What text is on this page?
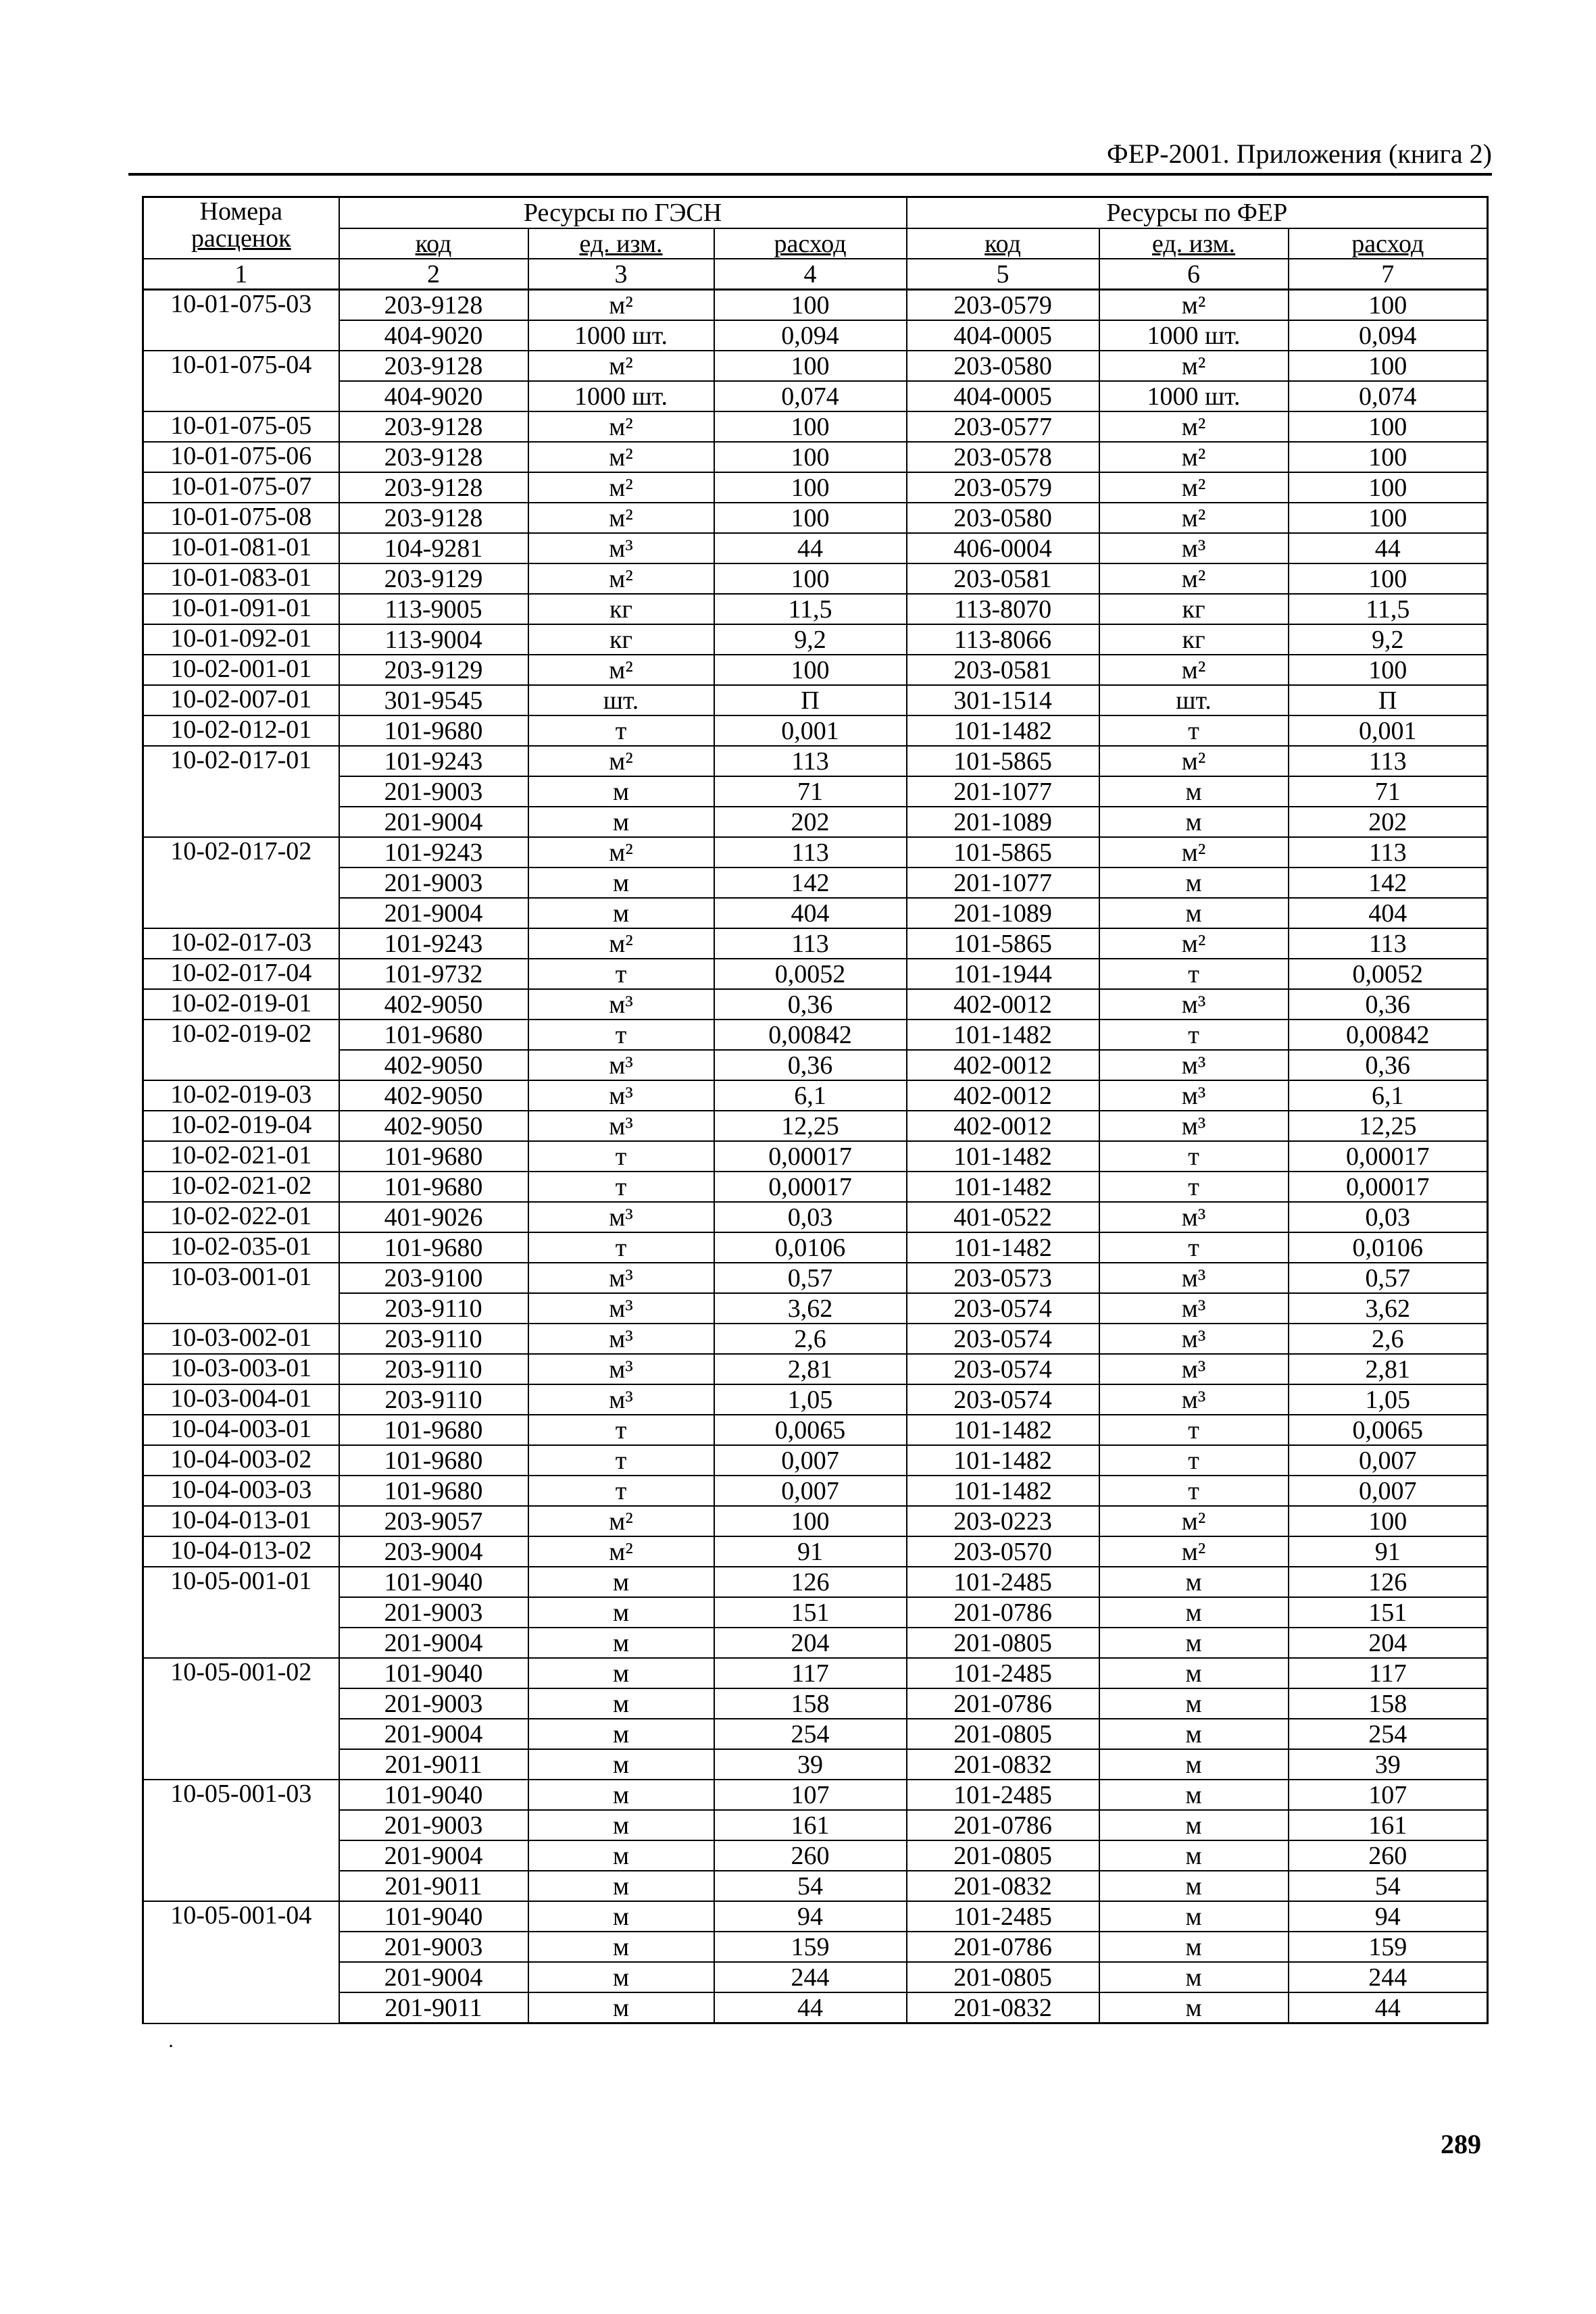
ФЕР-2001. Приложения (книга 2)
Номера
расценок	Ресурсы по ГЭСН			Ресурсы по ФЕР		
	код	ед. изм.	расход	код	ед. изм.	расход
1	2	3	4	5	6	7
10-01-075-03	203-9128	м²	100	203-0579	м²	100
	404-9020	1000 шт.	0,094	404-0005	1000 шт.	0,094
10-01-075-04	203-9128	м²	100	203-0580	м²	100
	404-9020	1000 шт.	0,074	404-0005	1000 шт.	0,074
10-01-075-05	203-9128	м²	100	203-0577	м²	100
10-01-075-06	203-9128	м²	100	203-0578	м²	100
10-01-075-07	203-9128	м²	100	203-0579	м²	100
10-01-075-08	203-9128	м²	100	203-0580	м²	100
10-01-081-01	104-9281	м³	44	406-0004	м³	44
10-01-083-01	203-9129	м²	100	203-0581	м²	100
10-01-091-01	113-9005	кг	11,5	113-8070	кг	11,5
10-01-092-01	113-9004	кг	9,2	113-8066	кг	9,2
10-02-001-01	203-9129	м²	100	203-0581	м²	100
10-02-007-01	301-9545	шт.	П	301-1514	шт.	П
10-02-012-01	101-9680	т	0,001	101-1482	т	0,001
10-02-017-01	101-9243	м²	113	101-5865	м²	113
	201-9003	м	71	201-1077	м	71
	201-9004	м	202	201-1089	м	202
10-02-017-02	101-9243	м²	113	101-5865	м²	113
	201-9003	м	142	201-1077	м	142
	201-9004	м	404	201-1089	м	404
10-02-017-03	101-9243	м²	113	101-5865	м²	113
10-02-017-04	101-9732	т	0,0052	101-1944	т	0,0052
10-02-019-01	402-9050	м³	0,36	402-0012	м³	0,36
10-02-019-02	101-9680	т	0,00842	101-1482	т	0,00842
	402-9050	м³	0,36	402-0012	м³	0,36
10-02-019-03	402-9050	м³	6,1	402-0012	м³	6,1
10-02-019-04	402-9050	м³	12,25	402-0012	м³	12,25
10-02-021-01	101-9680	т	0,00017	101-1482	т	0,00017
10-02-021-02	101-9680	т	0,00017	101-1482	т	0,00017
10-02-022-01	401-9026	м³	0,03	401-0522	м³	0,03
10-02-035-01	101-9680	т	0,0106	101-1482	т	0,0106
10-03-001-01	203-9100	м³	0,57	203-0573	м³	0,57
	203-9110	м³	3,62	203-0574	м³	3,62
10-03-002-01	203-9110	м³	2,6	203-0574	м³	2,6
10-03-003-01	203-9110	м³	2,81	203-0574	м³	2,81
10-03-004-01	203-9110	м³	1,05	203-0574	м³	1,05
10-04-003-01	101-9680	т	0,0065	101-1482	т	0,0065
10-04-003-02	101-9680	т	0,007	101-1482	т	0,007
10-04-003-03	101-9680	т	0,007	101-1482	т	0,007
10-04-013-01	203-9057	м²	100	203-0223	м²	100
10-04-013-02	203-9004	м²	91	203-0570	м²	91
10-05-001-01	101-9040	м	126	101-2485	м	126
	201-9003	м	151	201-0786	м	151
	201-9004	м	204	201-0805	м	204
10-05-001-02	101-9040	м	117	101-2485	м	117
	201-9003	м	158	201-0786	м	158
	201-9004	м	254	201-0805	м	254
	201-9011	м	39	201-0832	м	39
10-05-001-03	101-9040	м	107	101-2485	м	107
	201-9003	м	161	201-0786	м	161
	201-9004	м	260	201-0805	м	260
	201-9011	м	54	201-0832	м	54
10-05-001-04	101-9040	м	94	101-2485	м	94
	201-9003	м	159	201-0786	м	159
	201-9004	м	244	201-0805	м	244
	201-9011	м	44	201-0832	м	44
·
289
